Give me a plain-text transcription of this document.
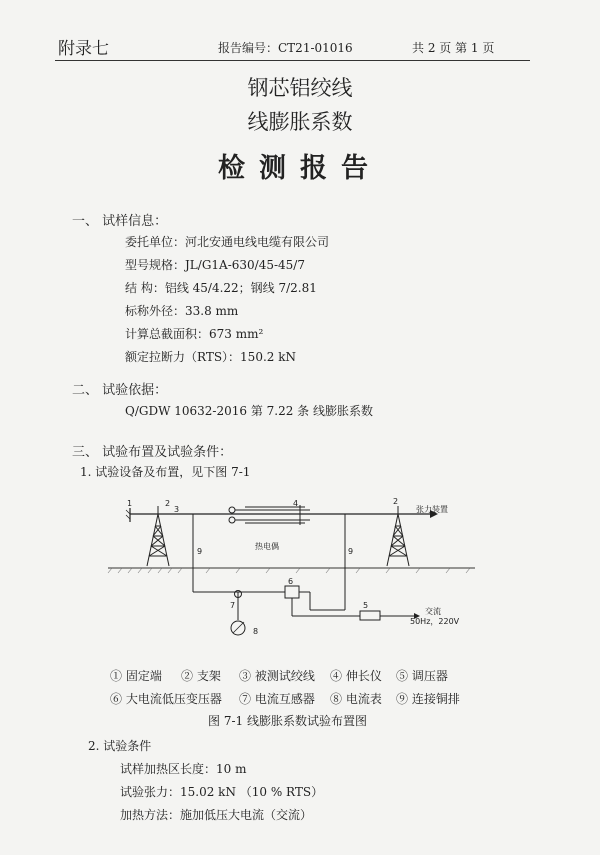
附录七	报告编号：CT21-01016	共 2 页 第 1 页
钢芯铝绞线
线膨胀系数
检测报告
一、 试样信息：
委托单位：河北安通电线电缆有限公司
型号规格：JL/G1A-630/45-45/7
结 构：铝线 45/4.22；钢线 7/2.81
标称外径：33.8 mm
计算总截面积：673 mm²
额定拉断力（RTS）：150.2 kN
二、 试验依据：
Q/GDW 10632-2016 第 7.22 条 线膨胀系数
三、 试验布置及试验条件：
1. 试验设备及布置，见下图 7-1
1	2
3
4	2
张力装置
热电偶
9	9
6
7
8
5
交流
50Hz，220V
① 固定端 ② 支架 ③ 被测试绞线 ④ 伸长仪 ⑤ 调压器
⑥ 大电流低压变压器 ⑦ 电流互感器 ⑧ 电流表 ⑨ 连接铜排
图 7-1 线膨胀系数试验布置图
2. 试验条件
试样加热区长度：10 m
试验张力：15.02 kN （10 % RTS）
加热方法：施加低压大电流（交流）
